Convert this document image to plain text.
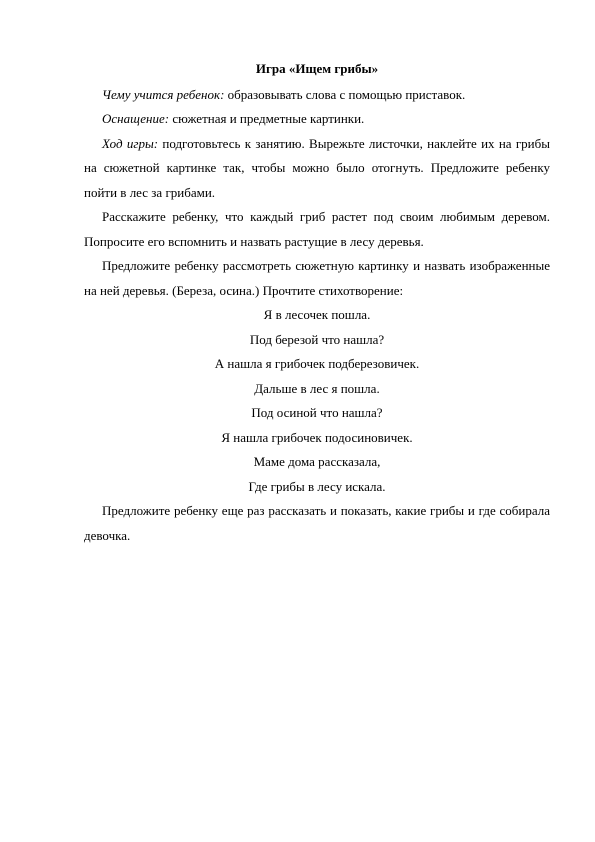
Игра «Ищем грибы»

Чему учится ребенок: образовывать слова с помощью приставок.

Оснащение: сюжетная и предметные картинки.

Ход игры: подготовьтесь к занятию. Вырежьте листочки, наклейте их на грибы на сюжетной картинке так, чтобы можно было отогнуть. Предложите ребенку пойти в лес за грибами.

Расскажите ребенку, что каждый гриб растет под своим любимым деревом. Попросите его вспомнить и назвать растущие в лесу деревья.

Предложите ребенку рассмотреть сюжетную картинку и назвать изображенные на ней деревья. (Береза, осина.) Прочтите стихотворение:

Я в лесочек пошла.

Под березой что нашла?

А нашла я грибочек подберезовичек.

Дальше в лес я пошла.

Под осиной что нашла?

Я нашла грибочек подосиновичек.

Маме дома рассказала,

Где грибы в лесу искала.

Предложите ребенку еще раз рассказать и показать, какие грибы и где собирала девочка.
